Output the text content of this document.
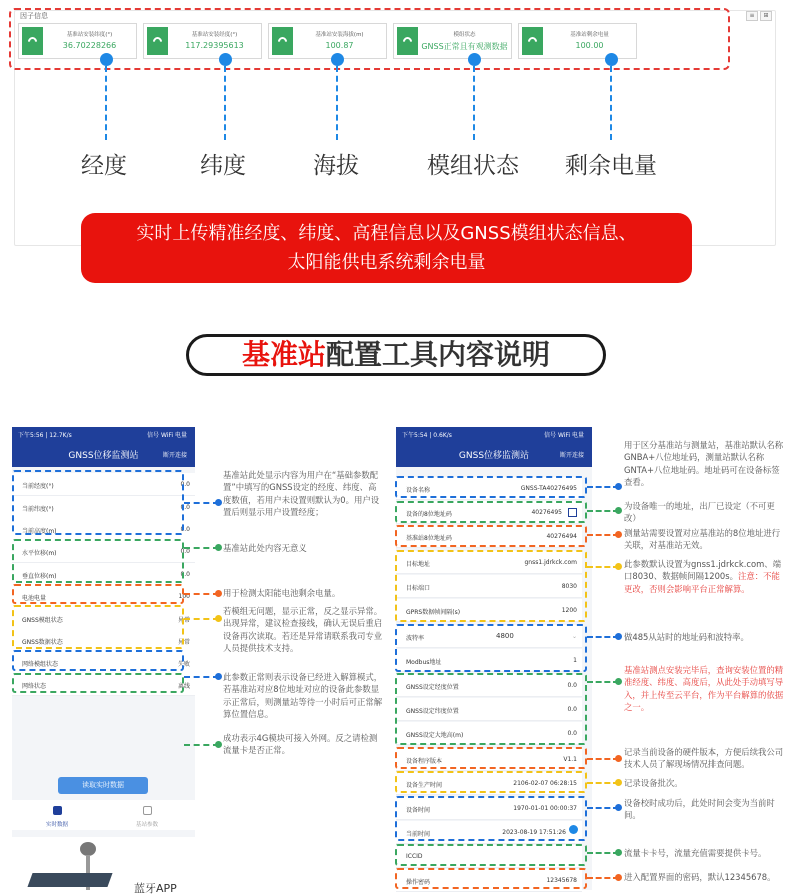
因子信息	≡	⊞
基准站安装纬度(°)
36.70228266
基准站安装经度(°)
117.29395613
基准站安装海拔(m)
100.87
模组状态
GNSS正常且有观测数据
基准站剩余电量
100.00
经度	纬度	海拔	模组状态 剩余电量
实时上传精准经度、纬度、高程信息以及GNSS模组状态信息、
太阳能供电系统剩余电量
基准站配置工具内容说明
下午5:56 | 12.7K/s	信号 WiFi 电量
GNSS位移监测站	断开连接
当前经度(°)	0.0
当前纬度(°)	0.0
当前高度(m)	0.0
水平位移(m)	0.0
垂直位移(m)	0.0
电池电量	100
GNSS模组状态	异常
GNSS数据状态	异常
网络模组状态	失败
网络状态	离线
读取实时数据
实时数据	基站参数
蓝牙APP
基准站此处显示内容为用户在“基础参数配置”中填写的GNSS设定的经度、纬度、高度数值，若用户未设置则默认为0。用户设置后则显示用户设置经度；
基准站此处内容无意义
用于检测太阳能电池剩余电量。
若模组无问题，显示正常，反之显示异常。出现异常，建议检查接线，确认无误后重启设备再次读取。若还是异常请联系我司专业人员提供技术支持。
此参数正常则表示设备已经进入解算模式，若基准站对应8位地址对应的设备此参数显示正常后，则测量站等待一小时后可正常解算位置信息。
成功表示4G模块可接入外网。反之请检测流量卡是否正常。
下午5:54 | 0.6K/s	信号 WiFi 电量
GNSS位移监测站	断开连接
设备名称	GNSS-TA40276495
设备的8位地址码	40276495
基准站8位地址码	40276494
目标地址	gnss1.jdrkck.com
目标端口	8030
GPRS数据帧间隔(s)	1200
波特率	4800	⌄
Modbus地址	1
GNSS设定经度位置	0.0
GNSS设定纬度位置	0.0
GNSS设定大地高(m)	0.0
设备程序版本	V1.1
设备生产时间	2106-02-07 06:28:15
设备时间	1970-01-01 00:00:37
当前时间	2023-08-19 17:51:26
ICCID
操作密码	12345678
用于区分基准站与测量站，基准站默认名称GNBA+八位地址码，测量站默认名称GNTA+八位地址码。地址码可在设备标签查看。
为设备唯一的地址，出厂已设定（不可更改）
测量站需要设置对应基准站的8位地址进行关联，对基准站无效。
此参数默认设置为gnss1.jdrkck.com、端口8030、数据帧间隔1200s。注意：不能更改，否则会影响平台正常解算。
做485从站时的地址码和波特率。
基准站测点安装完毕后，查询安装位置的精准经度、纬度、高度后，从此处手动填写导入，并上传至云平台，作为平台解算的依据之一。
记录当前设备的硬件版本，方便后续我公司技术人员了解现场情况排查问题。
记录设备批次。
设备校时成功后，此处时间会变为当前时间。
流量卡卡号，流量充值需要提供卡号。
进入配置界面的密码，默认12345678。
